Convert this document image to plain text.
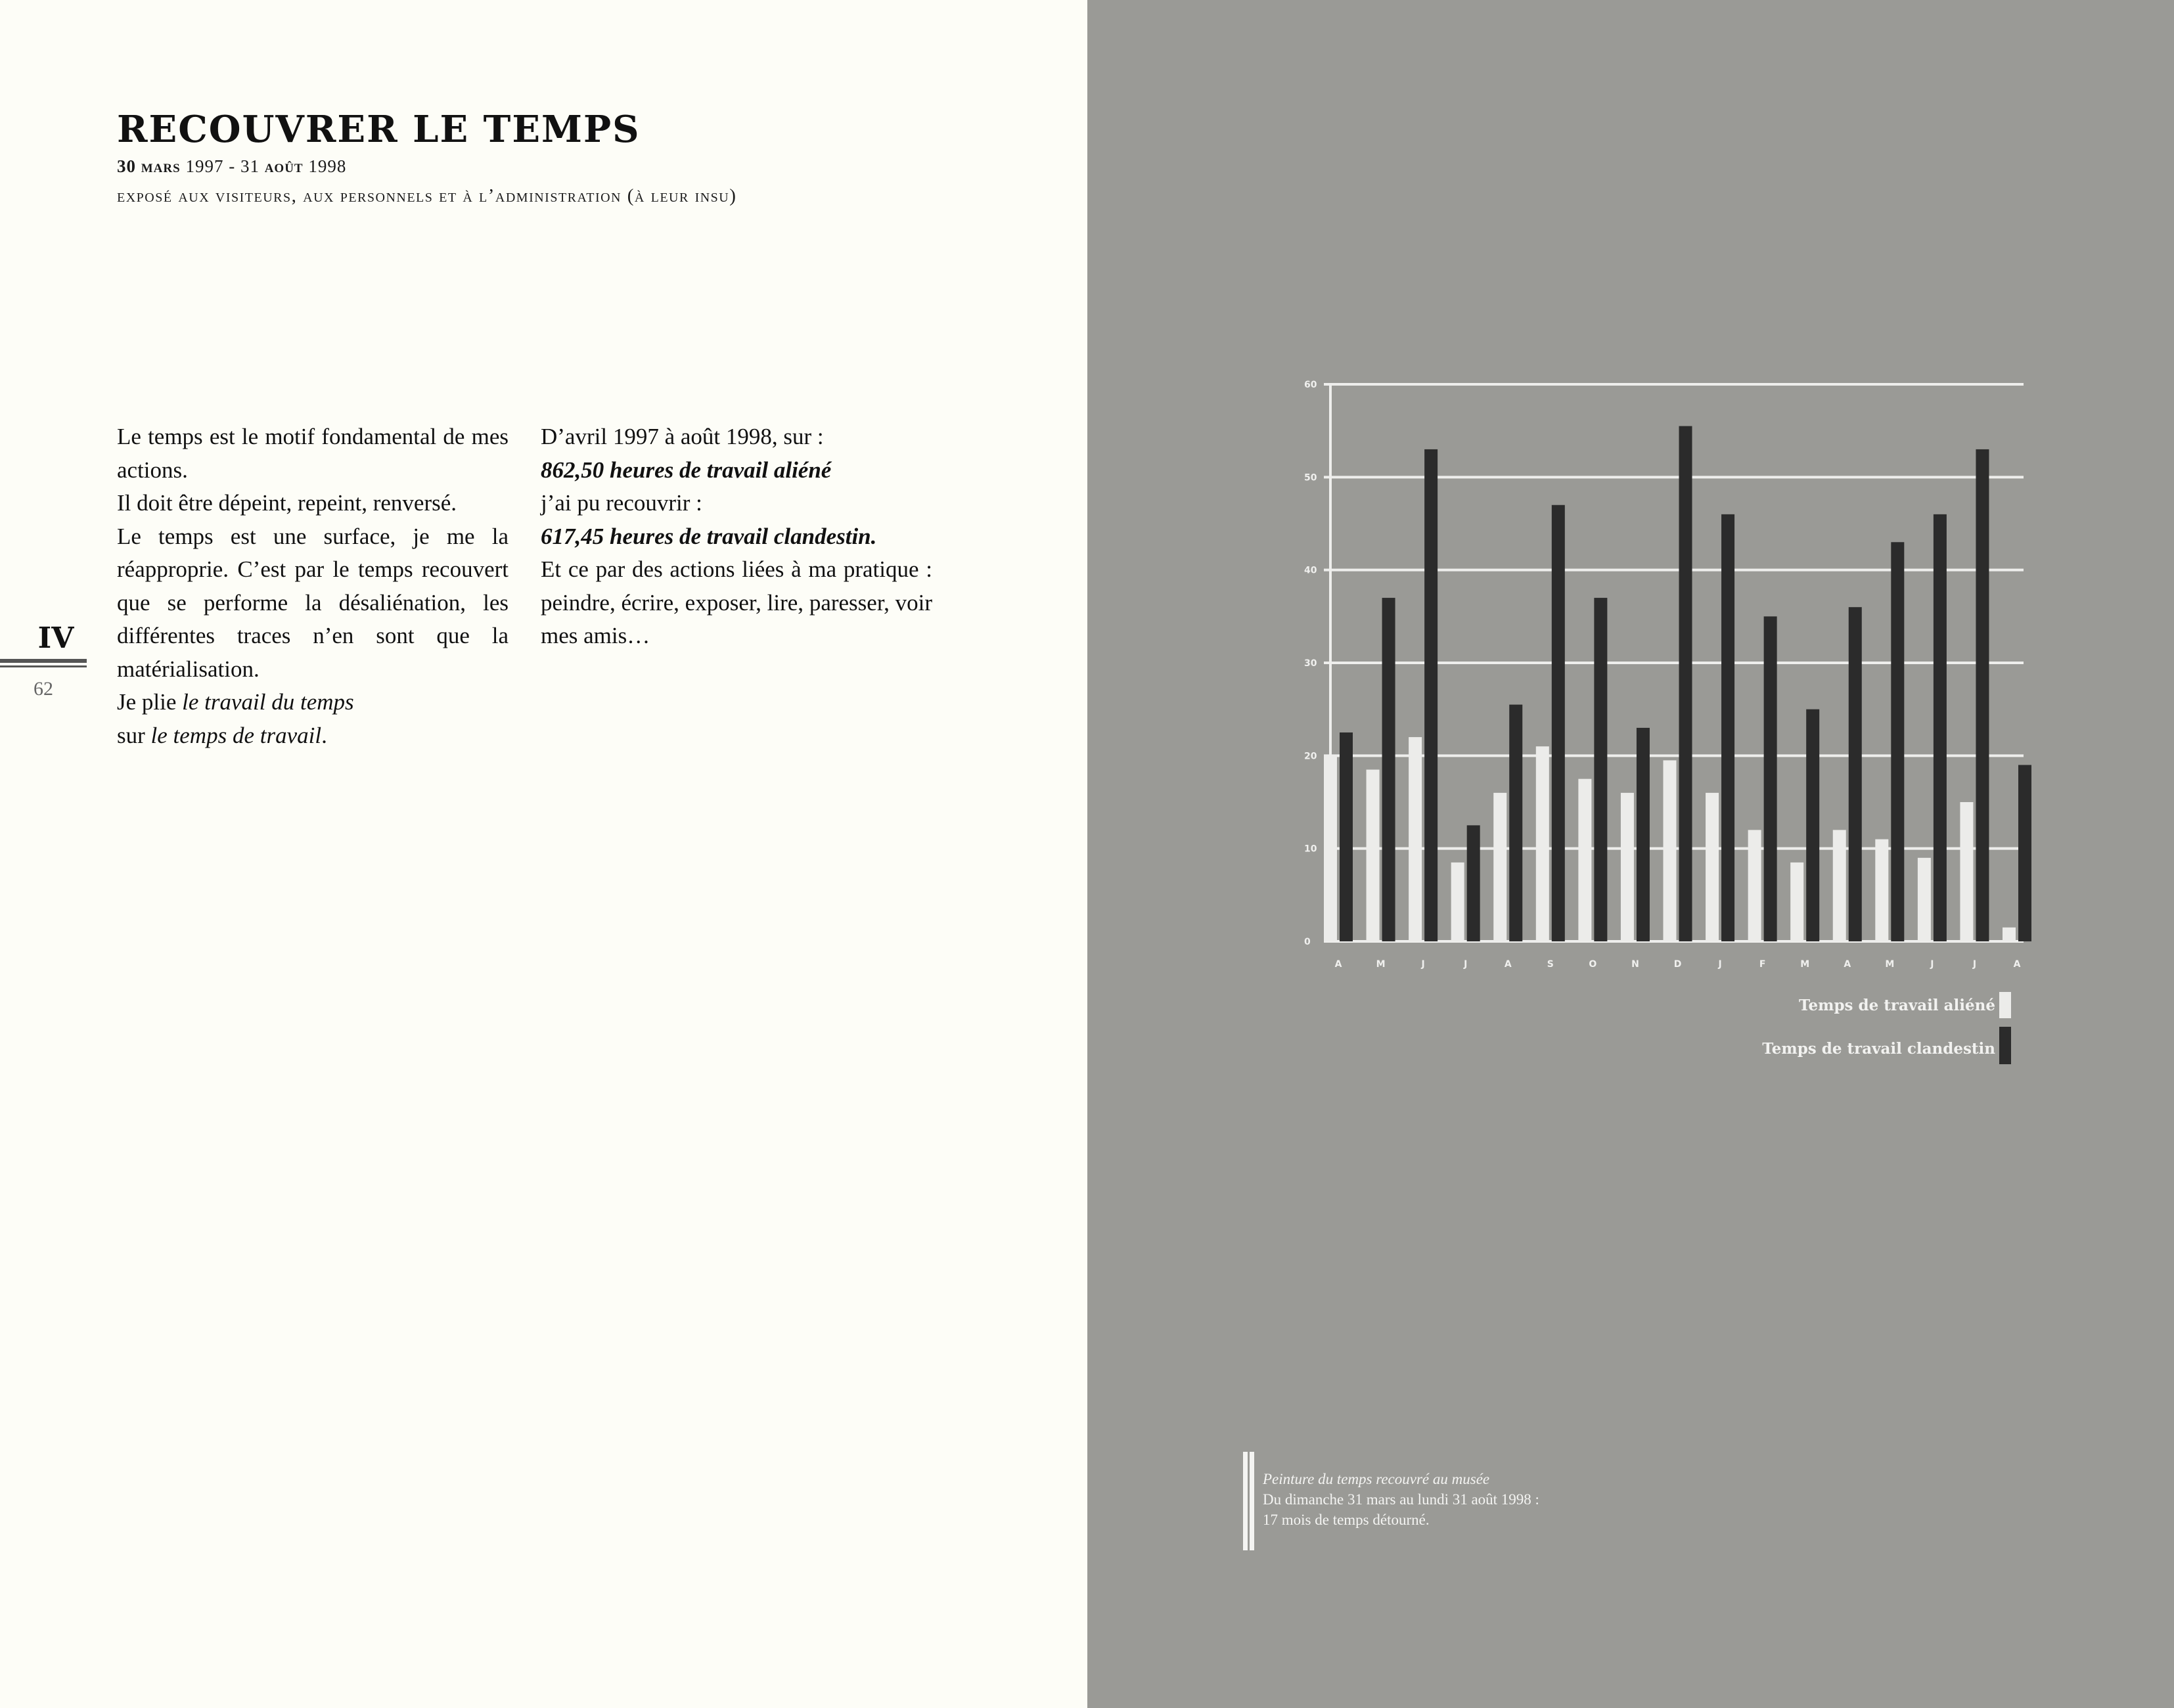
RECOUVRER LE TEMPS
30 mars 1997 - 31 août 1998
exposé aux visiteurs, aux personnels et à l’administration (à leur insu)

Le temps est le motif fondamental de mes actions.

Il doit être dépeint, repeint, renversé.

Le temps est une surface, je me la réapproprie. C’est par le temps recouvert que se performe la désaliénation, les différentes traces n’en sont que la matérialisation.

Je plie le travail du temps

sur le temps de travail.

D’avril 1997 à août 1998, sur :

862,50 heures de travail aliéné

j’ai pu recouvrir :

617,45 heures de travail clandestin.

Et ce par des actions liées à ma pratique : peindre, écrire, exposer, lire, paresser, voir mes amis…

IV
62
0
10
20
30
40
50
60
A	M	J	J	A	S	O	N	D	J	F	M	A	M	J	J	A
Temps de travail aliéné
Temps de travail clandestin
Peinture du temps recouvré au musée
Du dimanche 31 mars au lundi 31 août 1998 :
17 mois de temps détourné.
